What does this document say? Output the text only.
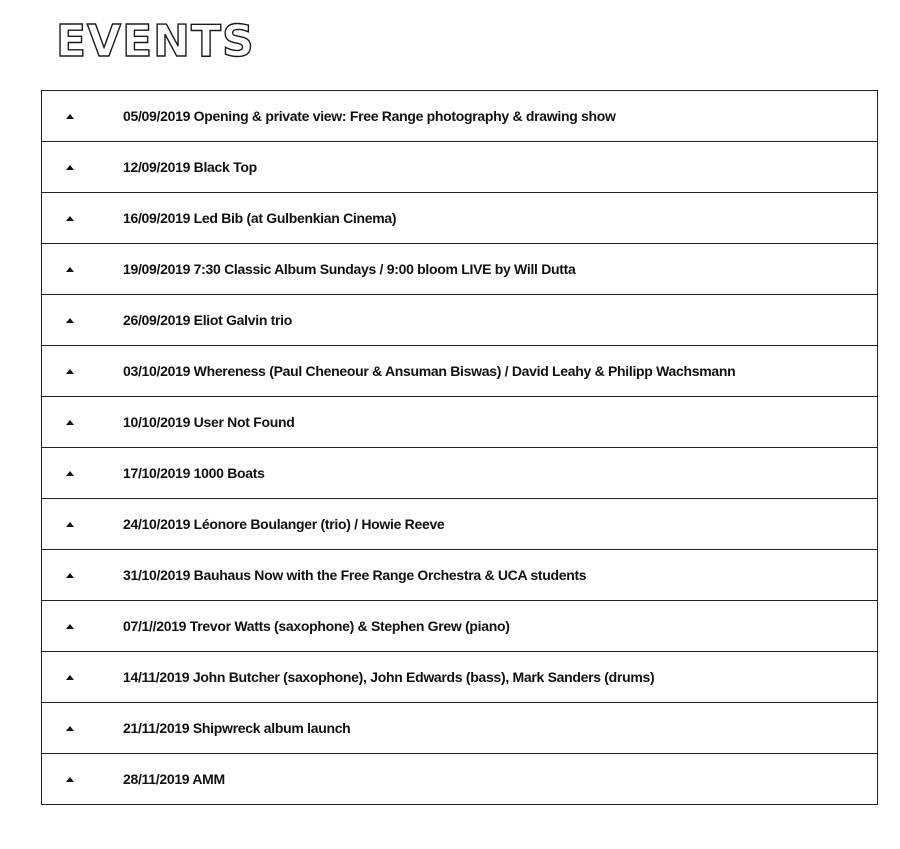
EVENTS
05/09/2019 Opening & private view: Free Range photography & drawing show
12/09/2019 Black Top
16/09/2019 Led Bib (at Gulbenkian Cinema)
19/09/2019 7:30 Classic Album Sundays / 9:00 bloom LIVE by Will Dutta
26/09/2019 Eliot Galvin trio
03/10/2019 Whereness (Paul Cheneour & Ansuman Biswas) / David Leahy & Philipp Wachsmann
10/10/2019 User Not Found
17/10/2019 1000 Boats
24/10/2019 Léonore Boulanger (trio) / Howie Reeve
31/10/2019 Bauhaus Now with the Free Range Orchestra & UCA students
07/1//2019 Trevor Watts (saxophone) & Stephen Grew (piano)
14/11/2019 John Butcher (saxophone), John Edwards (bass), Mark Sanders (drums)
21/11/2019 Shipwreck album launch
28/11/2019 AMM
